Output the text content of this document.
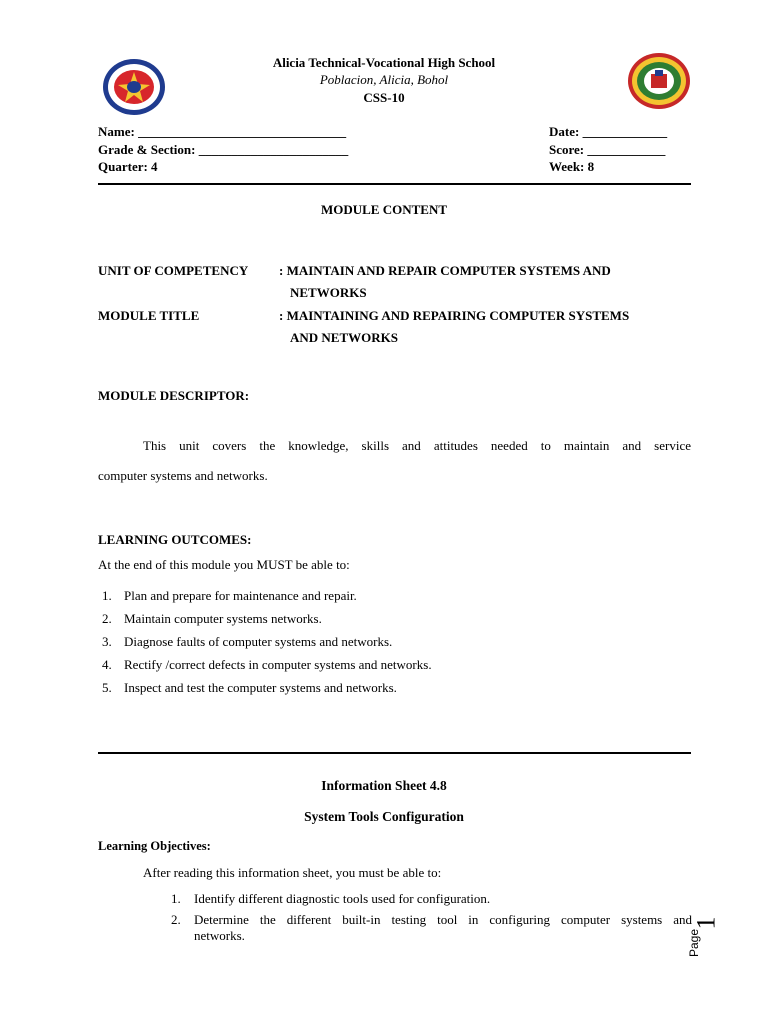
Alicia Technical-Vocational High School
Poblacion, Alicia, Bohol
CSS-10
Name: ________________________________
Grade & Section: _______________________
Quarter: 4
Date: _____________
Score: ____________
Week: 8
MODULE CONTENT
UNIT OF COMPETENCY : MAINTAIN AND REPAIR COMPUTER SYSTEMS AND
NETWORKS
MODULE TITLE	: MAINTAINING AND REPAIRING COMPUTER SYSTEMS
AND NETWORKS
MODULE DESCRIPTOR:
This unit covers the knowledge, skills and attitudes needed to maintain and service
computer systems and networks.
LEARNING OUTCOMES:
At the end of this module you MUST be able to:
1. Plan and prepare for maintenance and repair.
2. Maintain computer systems networks.
3. Diagnose faults of computer systems and networks.
4. Rectify /correct defects in computer systems and networks.
5. Inspect and test the computer systems and networks.
Information Sheet 4.8
System Tools Configuration
Learning Objectives:
After reading this information sheet, you must be able to:
1. Identify different diagnostic tools used for configuration.
2. Determine the different built-in testing tool in configuring computer systems and
networks.
1
Page
